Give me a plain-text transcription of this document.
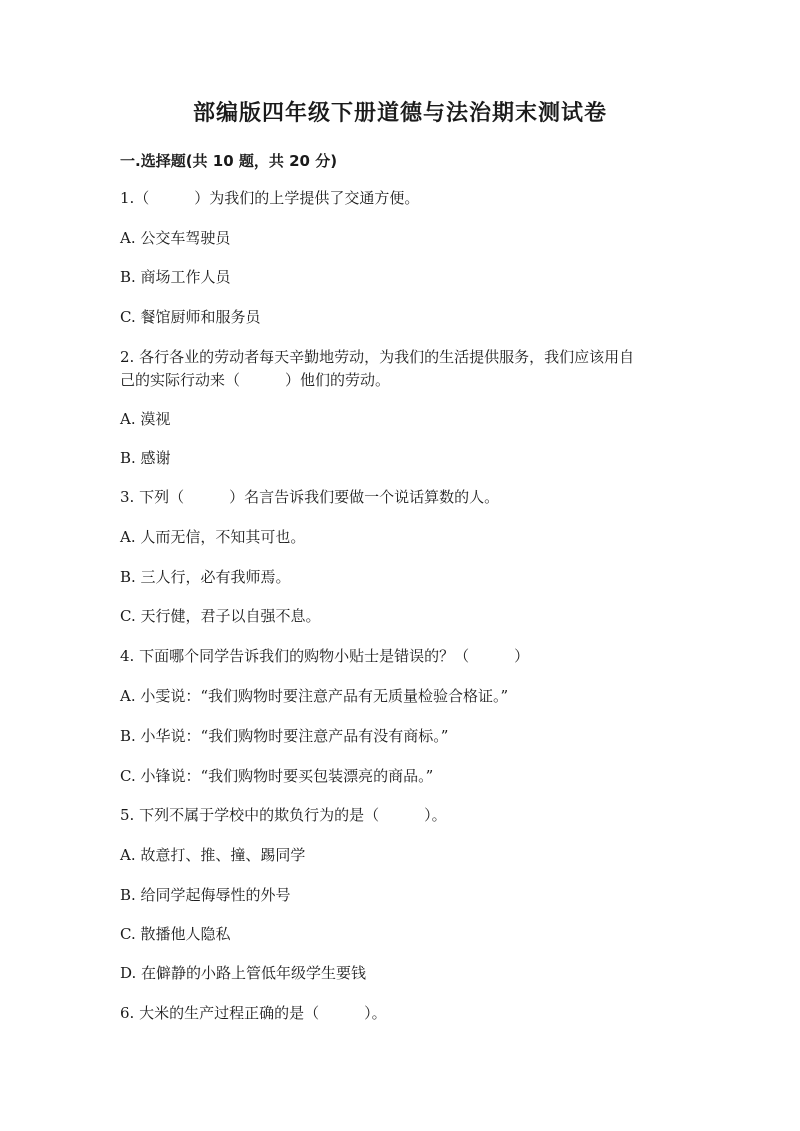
部编版四年级下册道德与法治期末测试卷
一.选择题(共 10 题，共 20 分)
1.（　　　）为我们的上学提供了交通方便。
A. 公交车驾驶员
B. 商场工作人员
C. 餐馆厨师和服务员
2. 各行各业的劳动者每天辛勤地劳动，为我们的生活提供服务，我们应该用自
己的实际行动来（　　　）他们的劳动。
A. 漠视
B. 感谢
3. 下列（　　　）名言告诉我们要做一个说话算数的人。
A. 人而无信，不知其可也。
B. 三人行，必有我师焉。
C. 天行健，君子以自强不息。
4. 下面哪个同学告诉我们的购物小贴士是错误的？（　　　）
A. 小雯说：“我们购物时要注意产品有无质量检验合格证。”
B. 小华说：“我们购物时要注意产品有没有商标。”
C. 小锋说：“我们购物时要买包装漂亮的商品。”
5. 下列不属于学校中的欺负行为的是（　　　）。
A. 故意打、推、撞、踢同学
B. 给同学起侮辱性的外号
C. 散播他人隐私
D. 在僻静的小路上管低年级学生要钱
6. 大米的生产过程正确的是（　　　）。
